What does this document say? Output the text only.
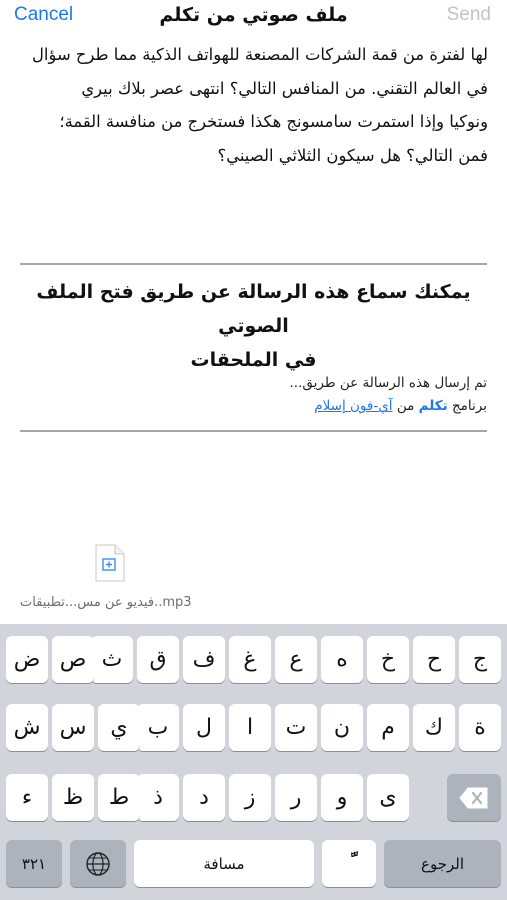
Cancel	ملف صوتي من تكلم	Send
لها لفترة من قمة الشركات المصنعة للهواتف الذكية مما طرح سؤال
في العالم التقني. من المنافس التالي؟ انتهى عصر بلاك بيري
ونوكيا وإذا استمرت سامسونج هكذا فستخرج من منافسة القمة؛
فمن التالي؟ هل سيكون الثلاثي الصيني؟
يمكنك سماع هذه الرسالة عن طريق فتح الملف الصوتي
في الملحقات
تم إرسال هذه الرسالة عن طريق...
برنامج تكلم من آي-فون إسلام
فيديو عن مس...تطبيقات..mp3
ج
ح
خ
ه
ع
غ
ف
ق
ث
ص
ض
ة
ك
م
ن
ت
ا
ل
ب
ي
س
ش
ى
و
ر
ز
د
ذ
ط
ظ
ء
٣٢١	مسافة	الرجوع
